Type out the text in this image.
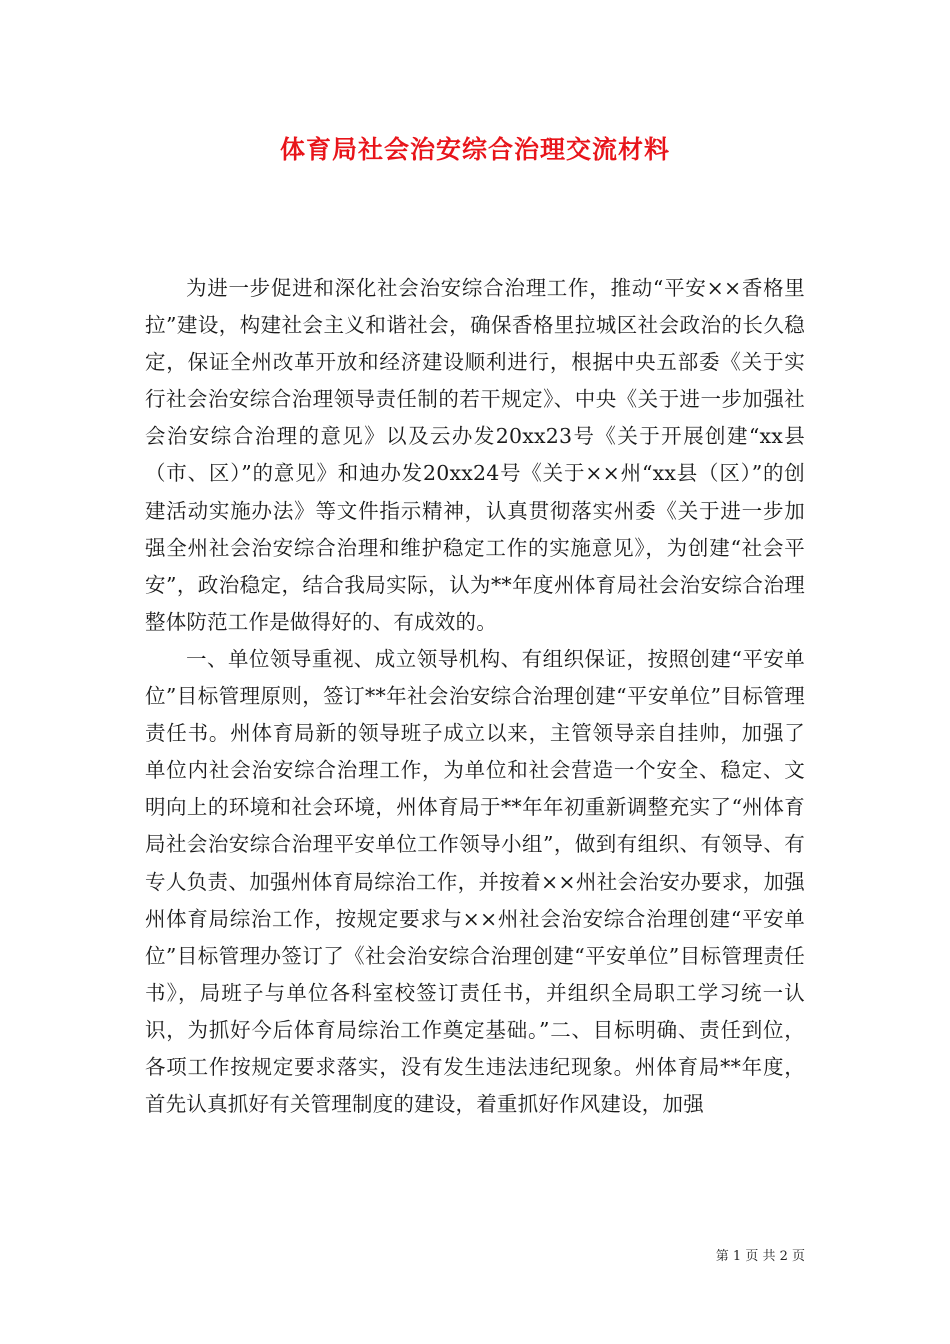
体育局社会治安综合治理交流材料

为进一步促进和深化社会治安综合治理工作，推动“平安××香格里拉”建设，构建社会主义和谐社会，确保香格里拉城区社会政治的长久稳定，保证全州改革开放和经济建设顺利进行，根据中央五部委《关于实行社会治安综合治理领导责任制的若干规定》、中央《关于进一步加强社会治安综合治理的意见》以及云办发20xx23号《关于开展创建“xx县（市、区）”的意见》和迪办发20xx24号《关于××州“xx县（区）”的创建活动实施办法》等文件指示精神，认真贯彻落实州委《关于进一步加强全州社会治安综合治理和维护稳定工作的实施意见》，为创建“社会平安”，政治稳定，结合我局实际，认为**年度州体育局社会治安综合治理整体防范工作是做得好的、有成效的。

一、单位领导重视、成立领导机构、有组织保证，按照创建“平安单位”目标管理原则，签订**年社会治安综合治理创建“平安单位”目标管理责任书。州体育局新的领导班子成立以来，主管领导亲自挂帅，加强了单位内社会治安综合治理工作，为单位和社会营造一个安全、稳定、文明向上的环境和社会环境，州体育局于**年年初重新调整充实了“州体育局社会治安综合治理平安单位工作领导小组”，做到有组织、有领导、有专人负责、加强州体育局综治工作，并按着××州社会治安办要求，加强州体育局综治工作，按规定要求与××州社会治安综合治理创建“平安单位”目标管理办签订了《社会治安综合治理创建“平安单位”目标管理责任书》，局班子与单位各科室校签订责任书，并组织全局职工学习统一认识，为抓好今后体育局综治工作奠定基础。”二、目标明确、责任到位，各项工作按规定要求落实，没有发生违法违纪现象。州体育局**年度，首先认真抓好有关管理制度的建设，着重抓好作风建设，加强

第 1 页 共 2 页
